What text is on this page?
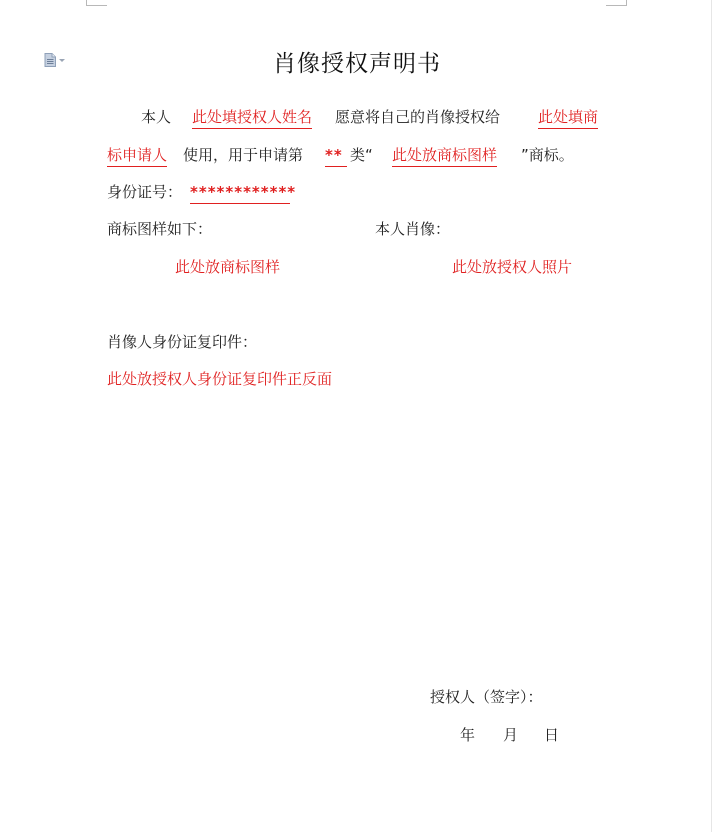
肖像授权声明书
本人 此处填授权人姓名 愿意将自己的肖像授权给	此处填商
标申请人 使用，用于申请第 ** 类“ 此处放商标图样 ”商标。
身份证号： ************
商标图样如下：	本人肖像：
此处放商标图样	此处放授权人照片
肖像人身份证复印件：
此处放授权人身份证复印件正反面
授权人（签字）：
年 月 日
